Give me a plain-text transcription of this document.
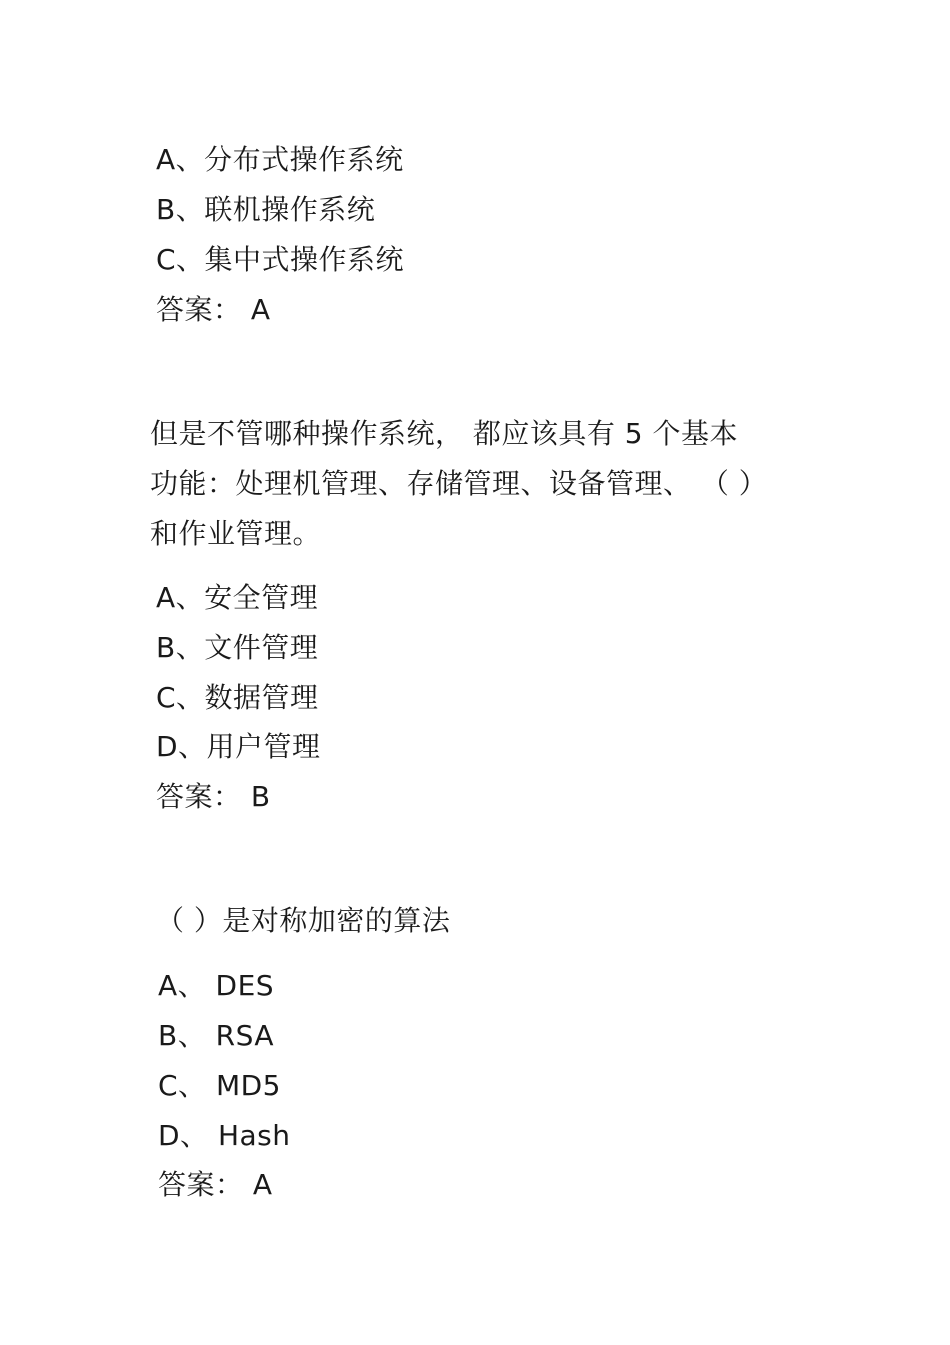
A、分布式操作系统
B、联机操作系统
C、集中式操作系统
答案： A
但是不管哪种操作系统， 都应该具有 5 个基本
功能：处理机管理、存储管理、设备管理、 （ ）
和作业管理。
A、安全管理
B、文件管理
C、数据管理
D、用户管理
答案： B
（ ）是对称加密的算法
A、 DES
B、 RSA
C、 MD5
D、 Hash
答案： A
